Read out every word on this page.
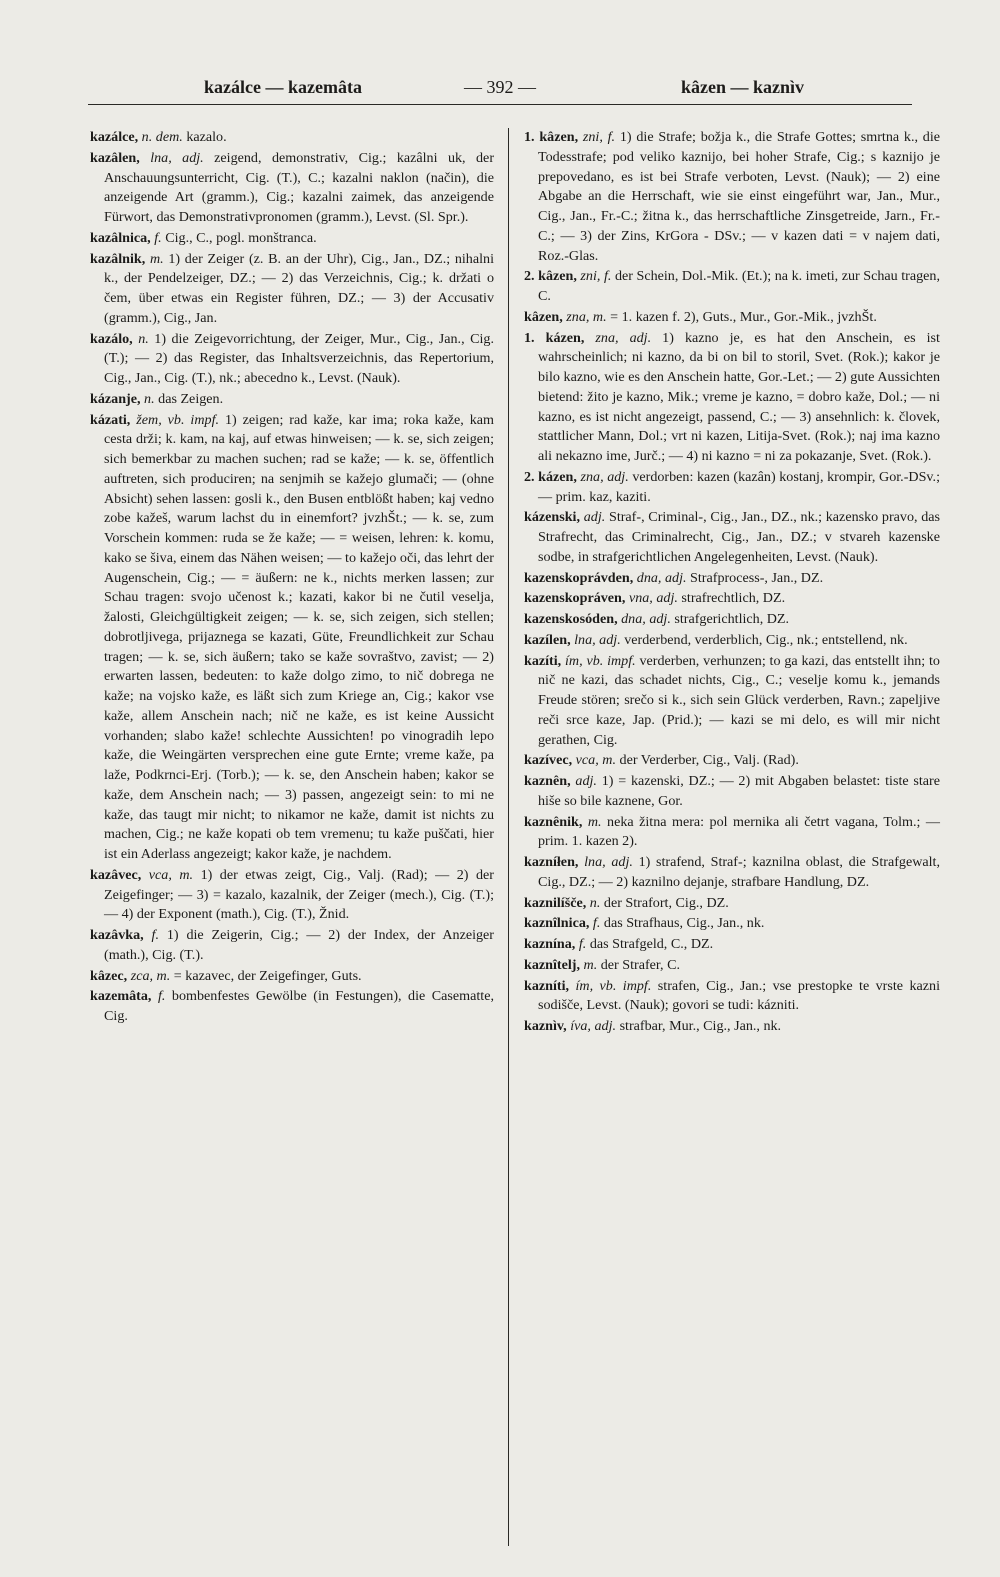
kazálce — kazemâta	— 392 —	kâzen — kaznìv

kazálce, n. dem. kazalo.

kazâlen, lna, adj. zeigend, demonstrativ, Cig.; kazâlni uk, der Anschauungsunterricht, Cig. (T.), C.; kazalni naklon (način), die anzeigende Art (gramm.), Cig.; kazalni zaimek, das anzeigende Fürwort, das Demonstrativpronomen (gramm.), Levst. (Sl. Spr.).

kazâlnica, f. Cig., C., pogl. monštranca.

kazâlnik, m. 1) der Zeiger (z. B. an der Uhr), Cig., Jan., DZ.; nihalni k., der Pendelzeiger, DZ.; — 2) das Verzeichnis, Cig.; k. držati o čem, über etwas ein Register führen, DZ.; — 3) der Accusativ (gramm.), Cig., Jan.

kazálo, n. 1) die Zeigevorrichtung, der Zeiger, Mur., Cig., Jan., Cig. (T.); — 2) das Register, das Inhaltsverzeichnis, das Repertorium, Cig., Jan., Cig. (T.), nk.; abecedno k., Levst. (Nauk).

kázanje, n. das Zeigen.

kázati, žem, vb. impf. 1) zeigen; rad kaže, kar ima; roka kaže, kam cesta drži; k. kam, na kaj, auf etwas hinweisen; — k. se, sich zeigen; sich bemerkbar zu machen suchen; rad se kaže; — k. se, öffentlich auftreten, sich produciren; na senjmih se kažejo glumači; — (ohne Absicht) sehen lassen: gosli k., den Busen entblößt haben; kaj vedno zobe kažeš, warum lachst du in einemfort? jvzhŠt.; — k. se, zum Vorschein kommen: ruda se že kaže; — = weisen, lehren: k. komu, kako se šiva, einem das Nähen weisen; — to kažejo oči, das lehrt der Augenschein, Cig.; — = äußern: ne k., nichts merken lassen; zur Schau tragen: svojo učenost k.; kazati, kakor bi ne čutil veselja, žalosti, Gleichgültigkeit zeigen; — k. se, sich zeigen, sich stellen; dobrotljivega, prijaznega se kazati, Güte, Freundlichkeit zur Schau tragen; — k. se, sich äußern; tako se kaže sovraštvo, zavist; — 2) erwarten lassen, bedeuten: to kaže dolgo zimo, to nič dobrega ne kaže; na vojsko kaže, es läßt sich zum Kriege an, Cig.; kakor vse kaže, allem Anschein nach; nič ne kaže, es ist keine Aussicht vorhanden; slabo kaže! schlechte Aussichten! po vinogradih lepo kaže, die Weingärten versprechen eine gute Ernte; vreme kaže, pa laže, Podkrnci-Erj. (Torb.); — k. se, den Anschein haben; kakor se kaže, dem Anschein nach; — 3) passen, angezeigt sein: to mi ne kaže, das taugt mir nicht; to nikamor ne kaže, damit ist nichts zu machen, Cig.; ne kaže kopati ob tem vremenu; tu kaže puščati, hier ist ein Aderlass angezeigt; kakor kaže, je nachdem.

kazâvec, vca, m. 1) der etwas zeigt, Cig., Valj. (Rad); — 2) der Zeigefinger; — 3) = kazalo, kazalnik, der Zeiger (mech.), Cig. (T.); — 4) der Exponent (math.), Cig. (T.), Žnid.

kazâvka, f. 1) die Zeigerin, Cig.; — 2) der Index, der Anzeiger (math.), Cig. (T.).

kâzec, zca, m. = kazavec, der Zeigefinger, Guts.

kazemâta, f. bombenfestes Gewölbe (in Festungen), die Casematte, Cig.

1. kâzen, zni, f. 1) die Strafe; božja k., die Strafe Gottes; smrtna k., die Todesstrafe; pod veliko kaznijo, bei hoher Strafe, Cig.; s kaznijo je prepovedano, es ist bei Strafe verboten, Levst. (Nauk); — 2) eine Abgabe an die Herrschaft, wie sie einst eingeführt war, Jan., Mur., Cig., Jan., Fr.-C.; žitna k., das herrschaftliche Zinsgetreide, Jarn., Fr.-C.; — 3) der Zins, KrGora - DSv.; — v kazen dati = v najem dati, Roz.-Glas.

2. kâzen, zni, f. der Schein, Dol.-Mik. (Et.); na k. imeti, zur Schau tragen, C.

kâzen, zna, m. = 1. kazen f. 2), Guts., Mur., Gor.-Mik., jvzhŠt.

1. kázen, zna, adj. 1) kazno je, es hat den Anschein, es ist wahrscheinlich; ni kazno, da bi on bil to storil, Svet. (Rok.); kakor je bilo kazno, wie es den Anschein hatte, Gor.-Let.; — 2) gute Aussichten bietend: žito je kazno, Mik.; vreme je kazno, = dobro kaže, Dol.; — ni kazno, es ist nicht angezeigt, passend, C.; — 3) ansehnlich: k. človek, stattlicher Mann, Dol.; vrt ni kazen, Litija-Svet. (Rok.); naj ima kazno ali nekazno ime, Jurč.; — 4) ni kazno = ni za pokazanje, Svet. (Rok.).

2. kázen, zna, adj. verdorben: kazen (kazân) kostanj, krompir, Gor.-DSv.; — prim. kaz, kaziti.

kázenski, adj. Straf-, Criminal-, Cig., Jan., DZ., nk.; kazensko pravo, das Strafrecht, das Criminalrecht, Cig., Jan., DZ.; v stvareh kazenske sodbe, in strafgerichtlichen Angelegenheiten, Levst. (Nauk).

kazenskoprávden, dna, adj. Strafprocess-, Jan., DZ.

kazenskopráven, vna, adj. strafrechtlich, DZ.

kazenskosóden, dna, adj. strafgerichtlich, DZ.

kazílen, lna, adj. verderbend, verderblich, Cig., nk.; entstellend, nk.

kazíti, ím, vb. impf. verderben, verhunzen; to ga kazi, das entstellt ihn; to nič ne kazi, das schadet nichts, Cig., C.; veselje komu k., jemands Freude stören; srečo si k., sich sein Glück verderben, Ravn.; zapeljive reči srce kaze, Jap. (Prid.); — kazi se mi delo, es will mir nicht gerathen, Cig.

kazívec, vca, m. der Verderber, Cig., Valj. (Rad).

kaznên, adj. 1) = kazenski, DZ.; — 2) mit Abgaben belastet: tiste stare hiše so bile kaznene, Gor.

kaznênik, m. neka žitna mera: pol mernika ali četrt vagana, Tolm.; — prim. 1. kazen 2).

kazníłen, lna, adj. 1) strafend, Straf-; kaznilna oblast, die Strafgewalt, Cig., DZ.; — 2) kaznilno dejanje, strafbare Handlung, DZ.

kaznilíšče, n. der Strafort, Cig., DZ.

kaznîlnica, f. das Strafhaus, Cig., Jan., nk.

kaznína, f. das Strafgeld, C., DZ.

kaznîtelj, m. der Strafer, C.

kazníti, ím, vb. impf. strafen, Cig., Jan.; vse prestopke te vrste kazni sodišče, Levst. (Nauk); govori se tudi: kázniti.

kaznìv, íva, adj. strafbar, Mur., Cig., Jan., nk.
